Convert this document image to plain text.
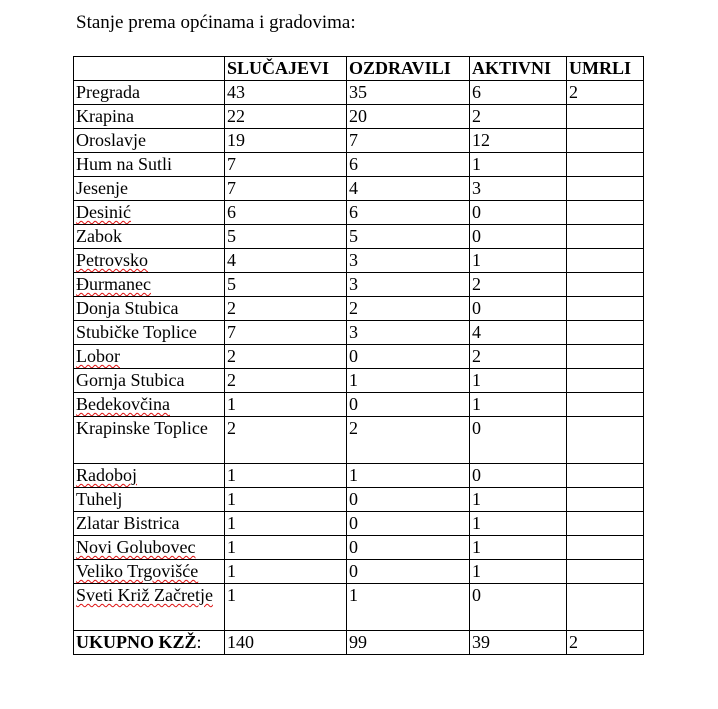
Stanje prema općinama i gradovima:
	SLUČAJEVI	OZDRAVILI	AKTIVNI	UMRLI
Pregrada	43	35	6	2
Krapina	22	20	2	
Oroslavje	19	7	12	
Hum na Sutli	7	6	1	
Jesenje	7	4	3	
Desinić	6	6	0	
Zabok	5	5	0	
Petrovsko	4	3	1	
Đurmanec	5	3	2	
Donja Stubica	2	2	0	
Stubičke Toplice	7	3	4	
Lobor	2	0	2	
Gornja Stubica	2	1	1	
Bedekovčina	1	0	1	
Krapinske Toplice	2	2	0	
Radoboj	1	1	0	
Tuhelj	1	0	1	
Zlatar Bistrica	1	0	1	
Novi Golubovec	1	0	1	
Veliko Trgovišće	1	0	1	
Sveti Križ Začretje	1	1	0	
UKUPNO KZŽ:	140	99	39	2
